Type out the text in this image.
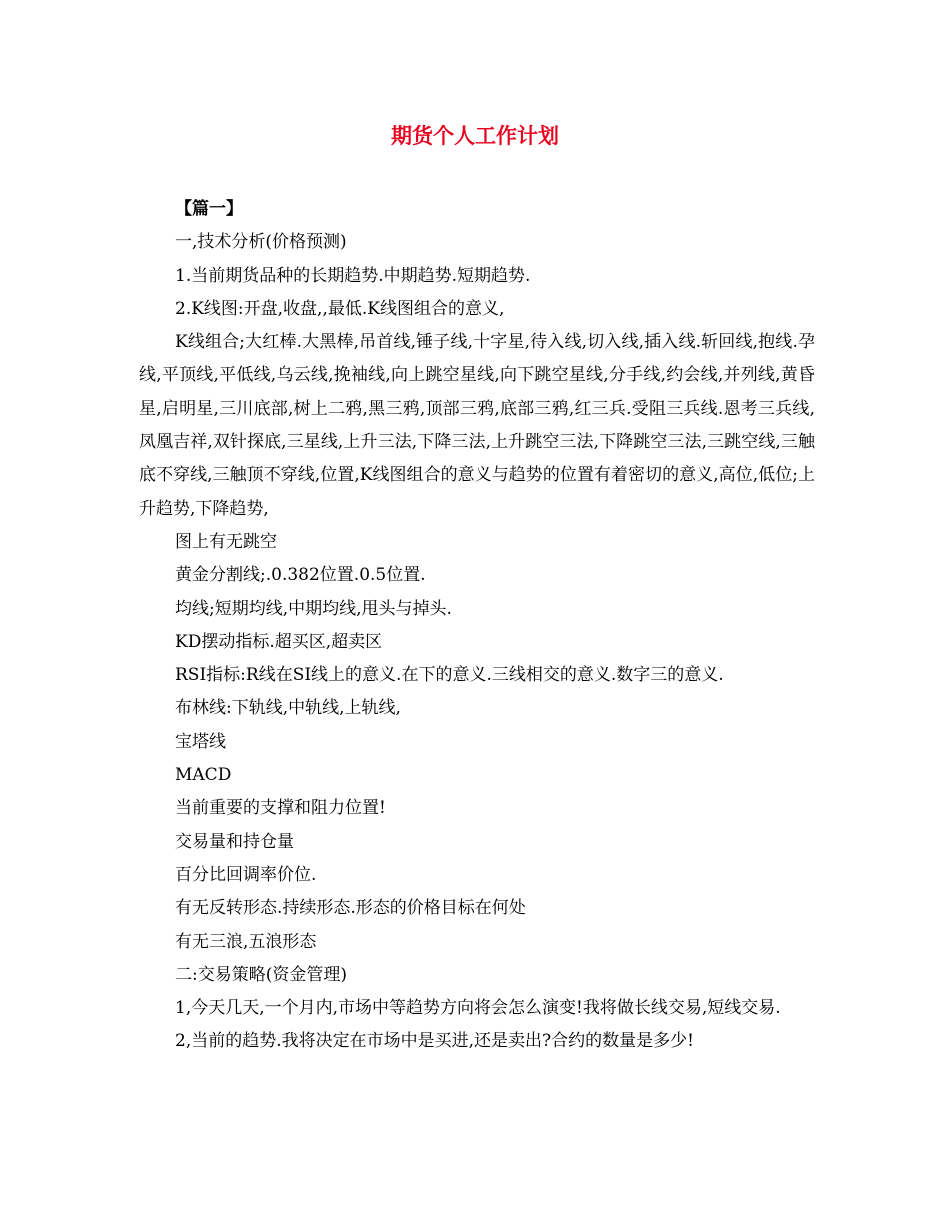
期货个人工作计划

【篇一】

一,技术分析(价格预测)

1.当前期货品种的长期趋势.中期趋势.短期趋势.

2.K线图:开盘,收盘,,最低.K线图组合的意义,

K线组合;大红棒.大黑棒,吊首线,锤子线,十字星,待入线,切入线,插入线.斩回线,抱线.孕线,平顶线,平低线,乌云线,挽袖线,向上跳空星线,向下跳空星线,分手线,约会线,并列线,黄昏星,启明星,三川底部,树上二鸦,黑三鸦,顶部三鸦,底部三鸦,红三兵.受阻三兵线.恩考三兵线,凤凰吉祥,双针探底,三星线,上升三法,下降三法,上升跳空三法,下降跳空三法,三跳空线,三触底不穿线,三触顶不穿线,位置,K线图组合的意义与趋势的位置有着密切的意义,高位,低位;上升趋势,下降趋势,

图上有无跳空

黄金分割线;.0.382位置.0.5位置.

均线;短期均线,中期均线,甩头与掉头.

KD摆动指标.超买区,超卖区

RSI指标:R线在SI线上的意义.在下的意义.三线相交的意义.数字三的意义.

布林线:下轨线,中轨线,上轨线,

宝塔线

MACD

当前重要的支撑和阻力位置!

交易量和持仓量

百分比回调率价位.

有无反转形态.持续形态.形态的价格目标在何处

有无三浪,五浪形态

二:交易策略(资金管理)

1,今天几天,一个月内,市场中等趋势方向将会怎么演变!我将做长线交易,短线交易.

2,当前的趋势.我将决定在市场中是买进,还是卖出?合约的数量是多少!
